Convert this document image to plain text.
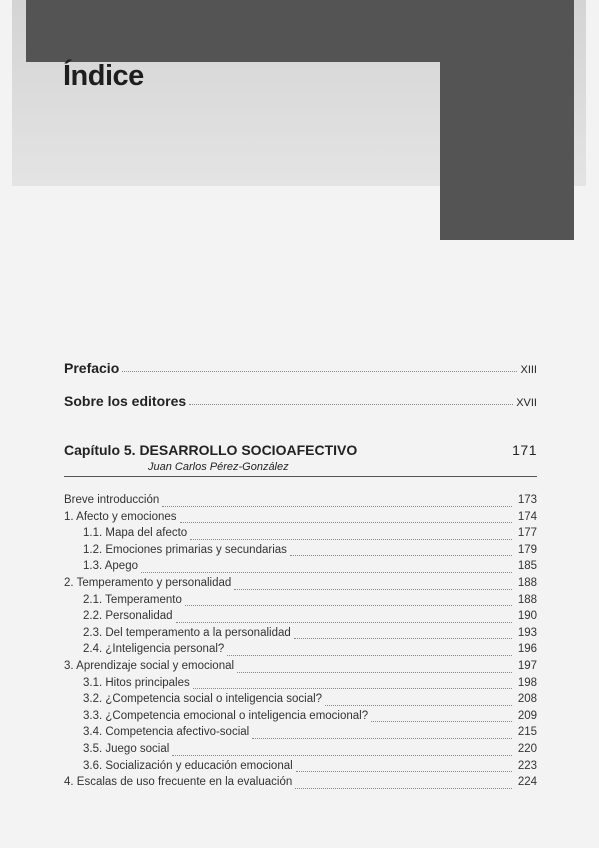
Índice
Prefacio	XIII
Sobre los editores	XVII
Capítulo 5. DESARROLLO SOCIOAFECTIVO	171
Juan Carlos Pérez-González
Breve introducción	173
1. Afecto y emociones	174
1.1. Mapa del afecto	177
1.2. Emociones primarias y secundarias	179
1.3. Apego	185
2. Temperamento y personalidad	188
2.1. Temperamento	188
2.2. Personalidad	190
2.3. Del temperamento a la personalidad	193
2.4. ¿Inteligencia personal?	196
3. Aprendizaje social y emocional	197
3.1. Hitos principales	198
3.2. ¿Competencia social o inteligencia social?	208
3.3. ¿Competencia emocional o inteligencia emocional?	209
3.4. Competencia afectivo-social	215
3.5. Juego social	220
3.6. Socialización y educación emocional	223
4. Escalas de uso frecuente en la evaluación	224
